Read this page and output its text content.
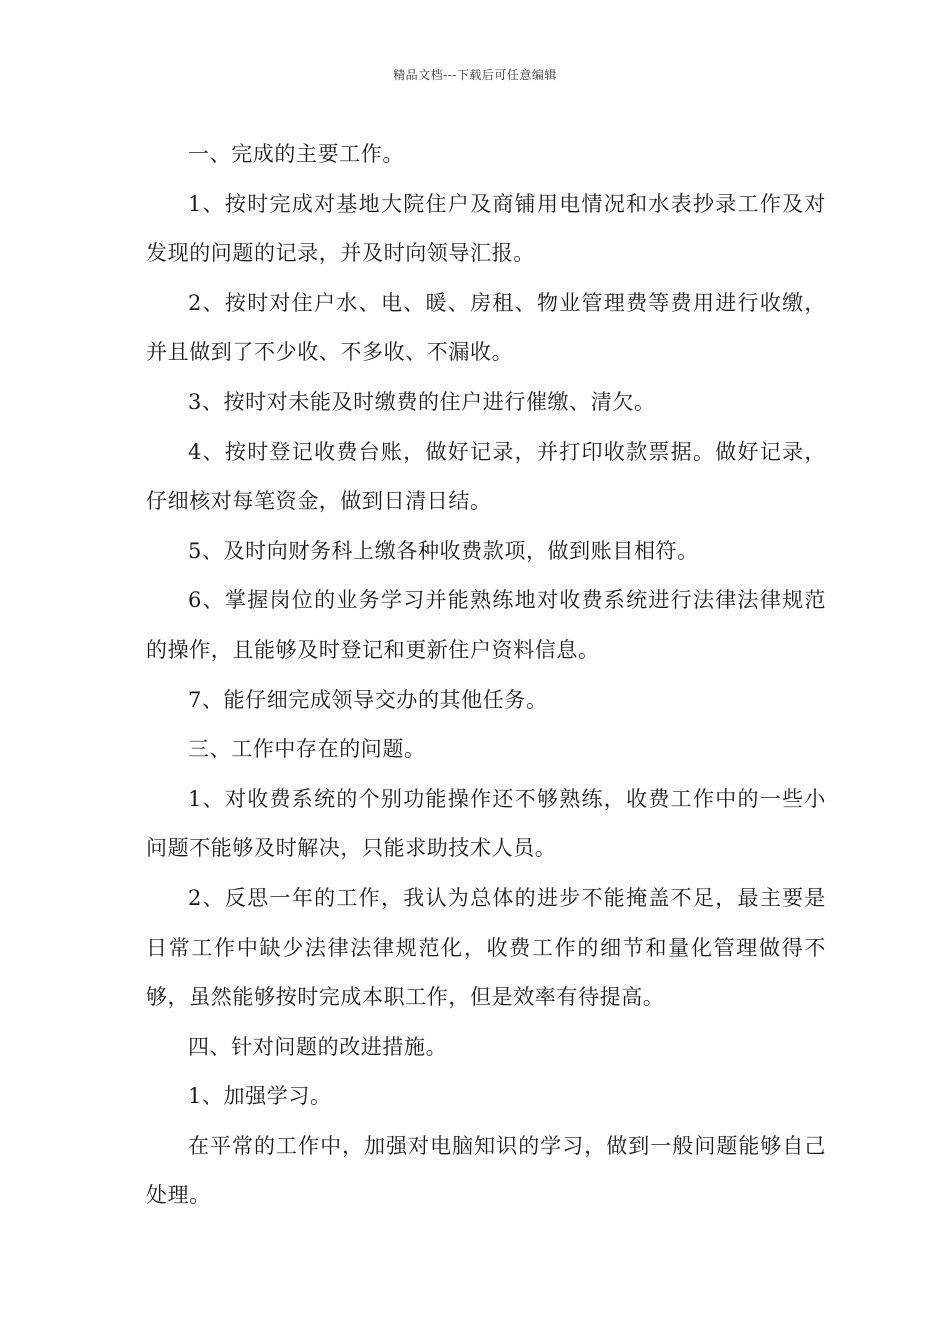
精品文档---下载后可任意编辑

一、完成的主要工作。

1、按时完成对基地大院住户及商铺用电情况和水表抄录工作及对发现的问题的记录，并及时向领导汇报。

2、按时对住户水、电、暖、房租、物业管理费等费用进行收缴，并且做到了不少收、不多收、不漏收。

3、按时对未能及时缴费的住户进行催缴、清欠。

4、按时登记收费台账，做好记录，并打印收款票据。做好记录，仔细核对每笔资金，做到日清日结。

5、及时向财务科上缴各种收费款项，做到账目相符。

6、掌握岗位的业务学习并能熟练地对收费系统进行法律法律规范的操作，且能够及时登记和更新住户资料信息。

7、能仔细完成领导交办的其他任务。

三、工作中存在的问题。

1、对收费系统的个别功能操作还不够熟练，收费工作中的一些小问题不能够及时解决，只能求助技术人员。

2、反思一年的工作，我认为总体的进步不能掩盖不足，最主要是日常工作中缺少法律法律规范化，收费工作的细节和量化管理做得不够，虽然能够按时完成本职工作，但是效率有待提高。

四、针对问题的改进措施。

1、加强学习。

在平常的工作中，加强对电脑知识的学习，做到一般问题能够自己处理。
